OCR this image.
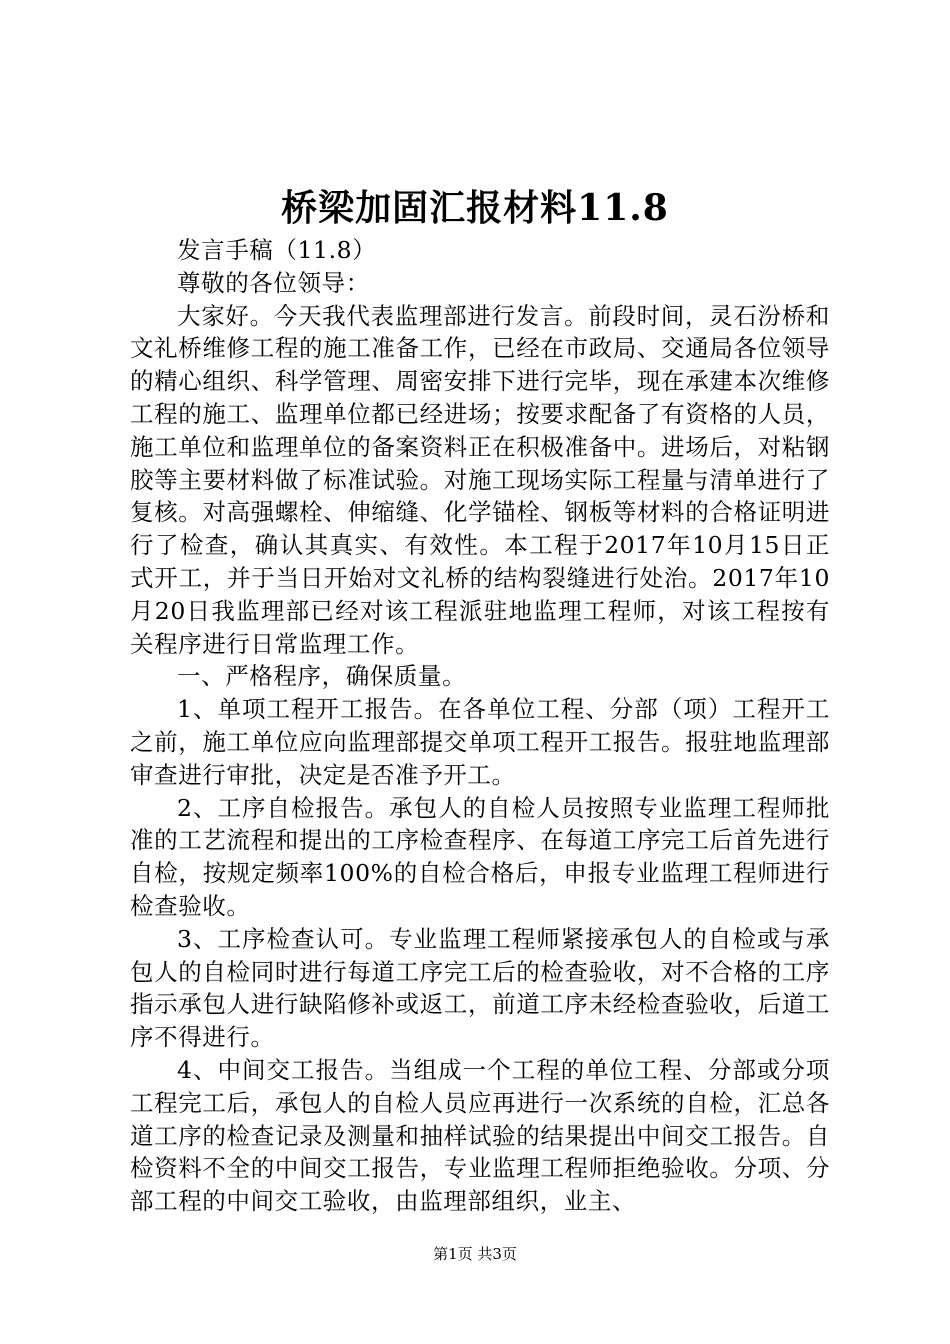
桥梁加固汇报材料11.8

发言手稿（11.8）

尊敬的各位领导：

大家好。今天我代表监理部进行发言。前段时间，灵石汾桥和文礼桥维修工程的施工准备工作，已经在市政局、交通局各位领导的精心组织、科学管理、周密安排下进行完毕，现在承建本次维修工程的施工、监理单位都已经进场；按要求配备了有资格的人员，施工单位和监理单位的备案资料正在积极准备中。进场后，对粘钢胶等主要材料做了标准试验。对施工现场实际工程量与清单进行了复核。对高强螺栓、伸缩缝、化学锚栓、钢板等材料的合格证明进行了检查，确认其真实、有效性。本工程于2017年10月15日正式开工，并于当日开始对文礼桥的结构裂缝进行处治。2017年10月20日我监理部已经对该工程派驻地监理工程师，对该工程按有关程序进行日常监理工作。

一、严格程序，确保质量。

1、单项工程开工报告。在各单位工程、分部（项）工程开工之前，施工单位应向监理部提交单项工程开工报告。报驻地监理部审查进行审批，决定是否准予开工。

2、工序自检报告。承包人的自检人员按照专业监理工程师批准的工艺流程和提出的工序检查程序、在每道工序完工后首先进行自检，按规定频率100%的自检合格后，申报专业监理工程师进行检查验收。

3、工序检查认可。专业监理工程师紧接承包人的自检或与承包人的自检同时进行每道工序完工后的检查验收，对不合格的工序指示承包人进行缺陷修补或返工，前道工序未经检查验收，后道工序不得进行。

4、中间交工报告。当组成一个工程的单位工程、分部或分项工程完工后，承包人的自检人员应再进行一次系统的自检，汇总各道工序的检查记录及测量和抽样试验的结果提出中间交工报告。自检资料不全的中间交工报告，专业监理工程师拒绝验收。分项、分部工程的中间交工验收，由监理部组织，业主、

第1页 共3页
